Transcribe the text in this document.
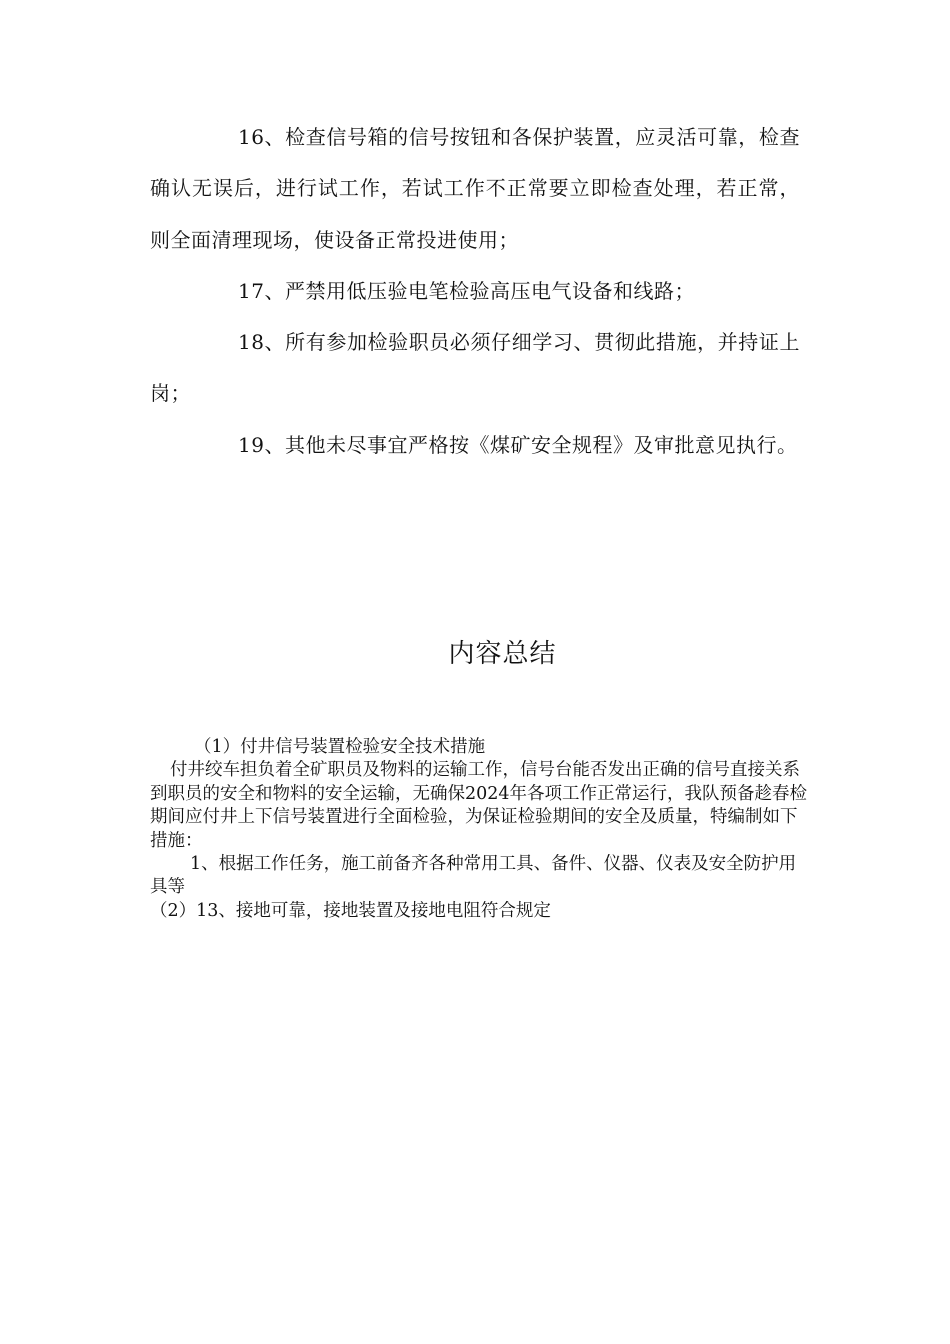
16、检查信号箱的信号按钮和各保护装置，应灵活可靠，检查确认无误后，进行试工作，若试工作不正常要立即检查处理，若正常，则全面清理现场，使设备正常投进使用；

17、严禁用低压验电笔检验高压电气设备和线路；

18、所有参加检验职员必须仔细学习、贯彻此措施，并持证上岗；

19、其他未尽事宜严格按《煤矿安全规程》及审批意见执行。

内容总结

（1）付井信号装置检验安全技术措施

付井绞车担负着全矿职员及物料的运输工作，信号台能否发出正确的信号直接关系到职员的安全和物料的安全运输，无确保2024年各项工作正常运行，我队预备趁春检期间应付井上下信号装置进行全面检验，为保证检验期间的安全及质量，特编制如下措施：

1、根据工作任务，施工前备齐各种常用工具、备件、仪器、仪表及安全防护用具等

（2）13、接地可靠，接地装置及接地电阻符合规定
